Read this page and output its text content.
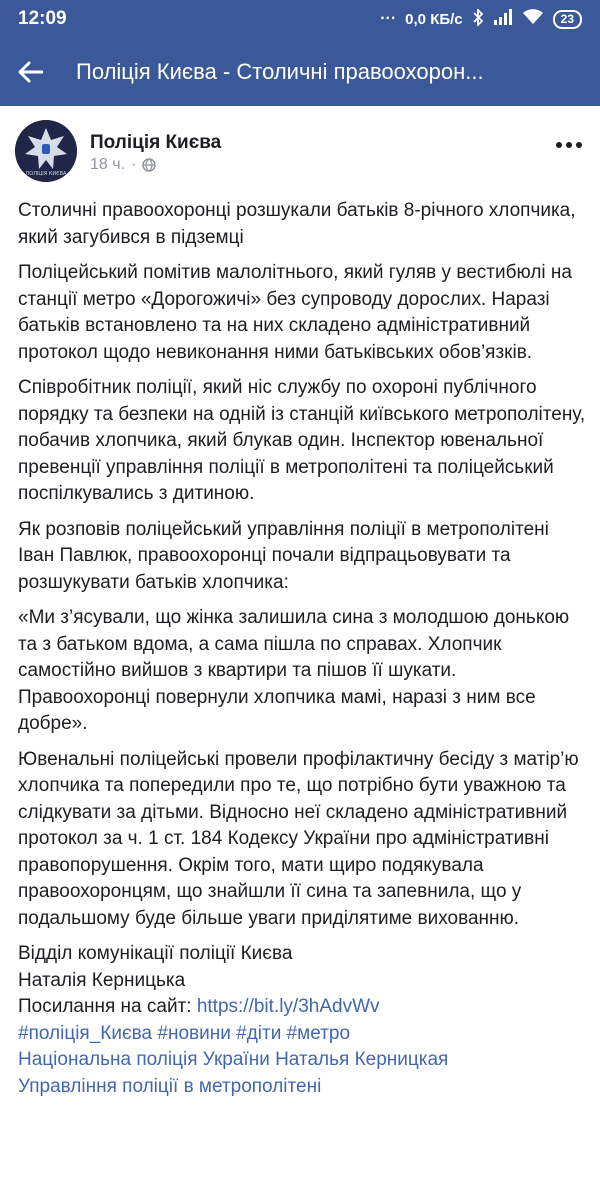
12:09	··· 0,0 КБ/с	23
Поліція Києва - Столичні правоохорон...
ПОЛІЦІЯ КИЄВА
Поліція Києва
18 ч. ·

Столичні правоохоронці розшукали батьків 8-річного хлопчика, який загубився в підземці

Поліцейський помітив малолітнього, який гуляв у вестибюлі на станції метро «Дорогожичі» без супроводу дорослих. Наразі батьків встановлено та на них складено адміністративний протокол щодо невиконання ними батьківських обов’язків.

Співробітник поліції, який ніс службу по охороні публічного порядку та безпеки на одній із станцій київського метрополітену, побачив хлопчика, який блукав один. Інспектор ювенальної превенції управління поліції в метрополітені та поліцейський поспілкувались з дитиною.

Як розповів поліцейський управління поліції в метрополітені Іван Павлюк, правоохоронці почали відпрацьовувати та розшукувати батьків хлопчика:

«Ми з’ясували, що жінка залишила сина з молодшою донькою та з батьком вдома, а сама пішла по справах. Хлопчик самостійно вийшов з квартири та пішов її шукати. Правоохоронці повернули хлопчика мамі, наразі з ним все добре».

Ювенальні поліцейські провели профілактичну бесіду з матір’ю хлопчика та попередили про те, що потрібно бути уважною та слідкувати за дітьми. Відносно неї складено адміністративний протокол за ч. 1 ст. 184 Кодексу України про адміністративні правопорушення. Окрім того, мати щиро подякувала правоохоронцям, що знайшли її сина та запевнила, що у подальшому буде більше уваги приділятиме вихованню.

Відділ комунікації поліції Києва
Наталія Керницька
Посилання на сайт: https://bit.ly/3hAdvWv
#поліція_Києва #новини #діти #метро
Національна поліція України Наталья Керницкая
Управління поліції в метрополітені
